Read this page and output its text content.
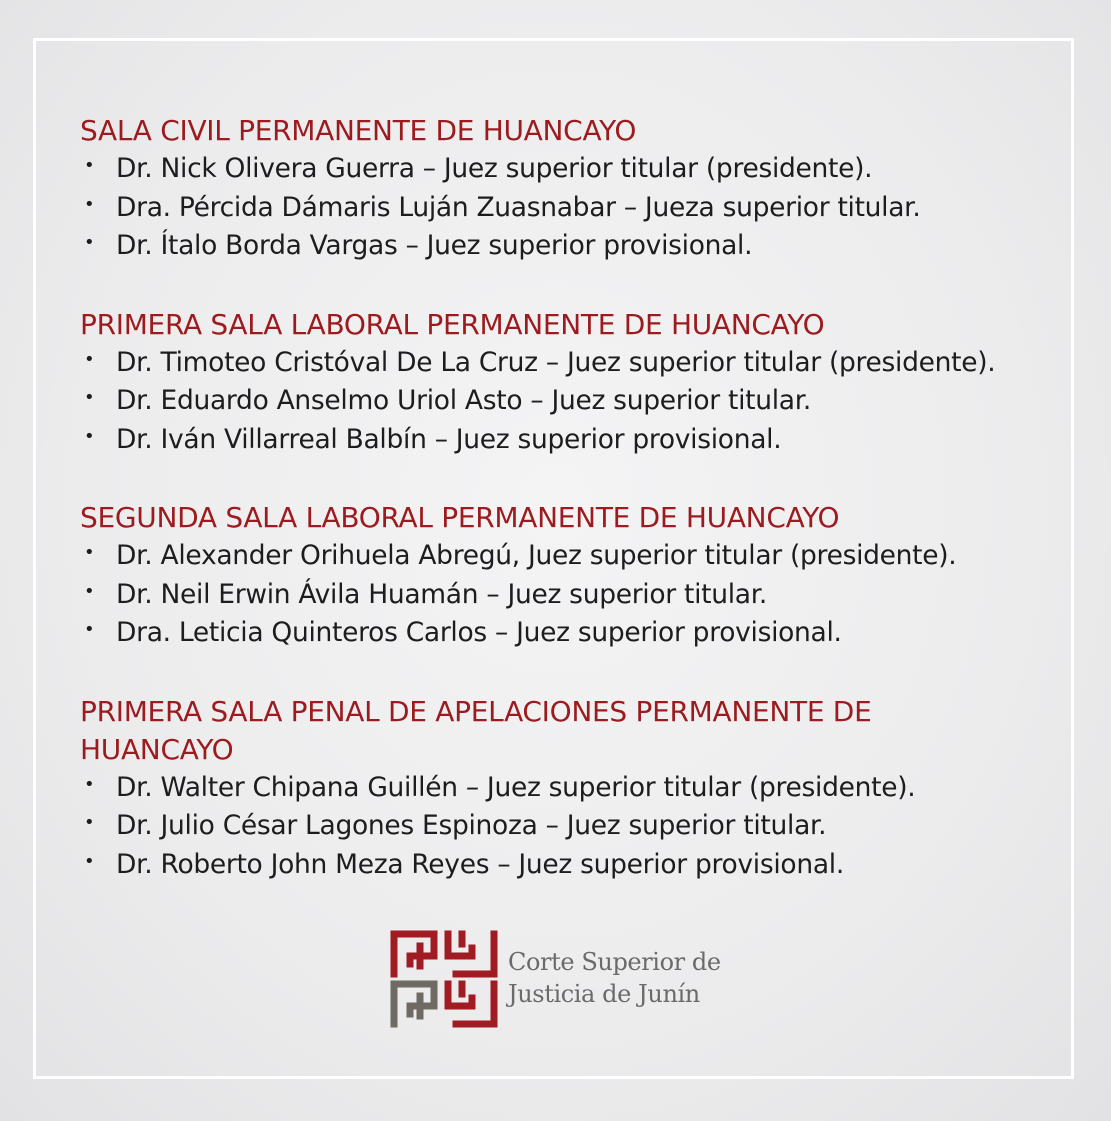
SALA CIVIL PERMANENTE DE HUANCAYO
• Dr. Nick Olivera Guerra – Juez superior titular (presidente).
• Dra. Pércida Dámaris Luján Zuasnabar – Jueza superior titular.
• Dr. Ítalo Borda Vargas – Juez superior provisional.
PRIMERA SALA LABORAL PERMANENTE DE HUANCAYO
• Dr. Timoteo Cristóval De La Cruz – Juez superior titular (presidente).
• Dr. Eduardo Anselmo Uriol Asto – Juez superior titular.
• Dr. Iván Villarreal Balbín – Juez superior provisional.
SEGUNDA SALA LABORAL PERMANENTE DE HUANCAYO
• Dr. Alexander Orihuela Abregú, Juez superior titular (presidente).
• Dr. Neil Erwin Ávila Huamán – Juez superior titular.
• Dra. Leticia Quinteros Carlos – Juez superior provisional.
PRIMERA SALA PENAL DE APELACIONES PERMANENTE DE
HUANCAYO
• Dr. Walter Chipana Guillén – Juez superior titular (presidente).
• Dr. Julio César Lagones Espinoza – Juez superior titular.
• Dr. Roberto John Meza Reyes – Juez superior provisional.
Corte Superior de
Justicia de Junín
